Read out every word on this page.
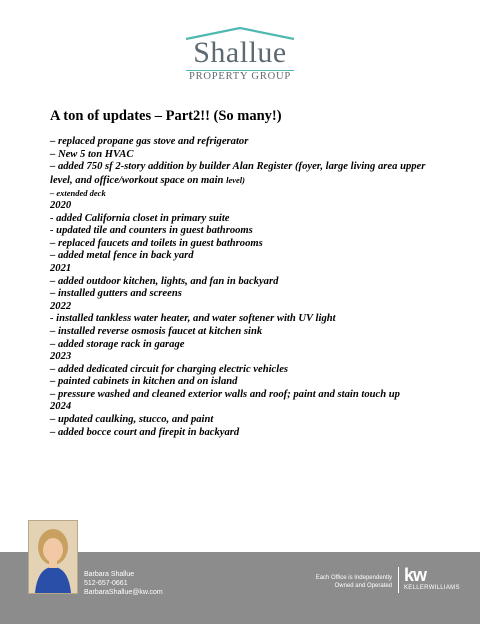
Shallue
PROPERTY GROUP
A ton of updates – Part2!! (So many!)
– replaced propane gas stove and refrigerator
– New 5 ton HVAC
– added 750 sf 2-story addition by builder Alan Register (foyer, large living area upper level, and office/workout space on main level)
– extended deck
2020
- added California closet in primary suite
- updated tile and counters in guest bathrooms
– replaced faucets and toilets in guest bathrooms
– added metal fence in back yard
2021
– added outdoor kitchen, lights, and fan in backyard
– installed gutters and screens
2022
- installed tankless water heater, and water softener with UV light
– installed reverse osmosis faucet at kitchen sink
– added storage rack in garage
2023
– added dedicated circuit for charging electric vehicles
– painted cabinets in kitchen and on island
– pressure washed and cleaned exterior walls and roof; paint and stain touch up
2024
– updated caulking, stucco, and paint
– added bocce court and firepit in backyard
Barbara Shallue
512-657-0661
BarbaraShallue@kw.com
Each Office is Independently
Owned and Operated
kw
KELLERWILLIAMS
